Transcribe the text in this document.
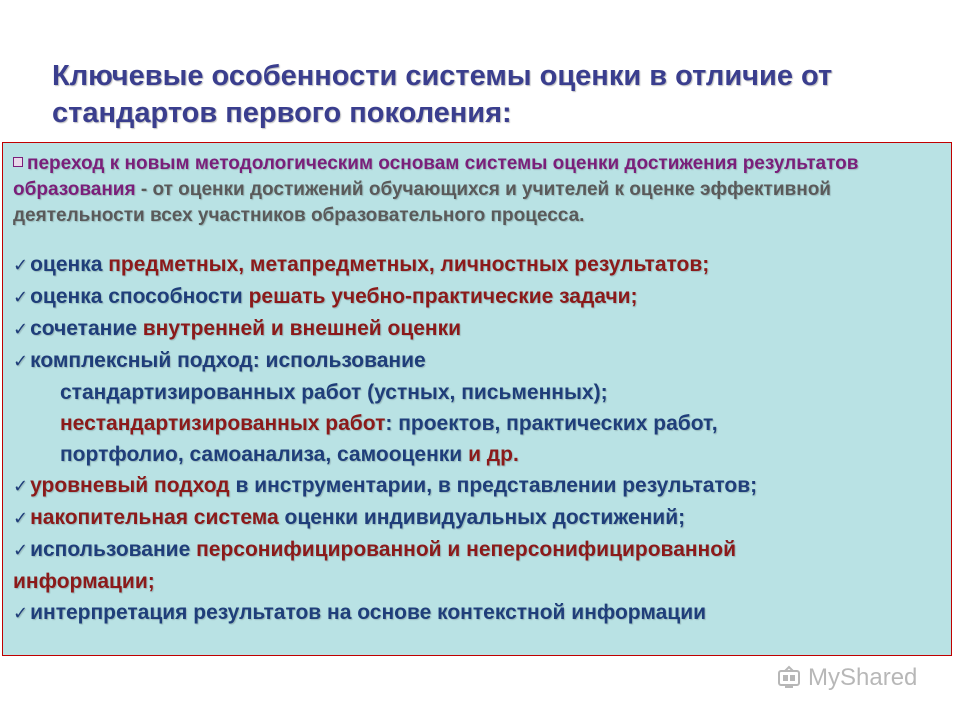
Ключевые особенности системы оценки в отличие от
стандартов первого поколения:

переход к новым методологическим основам системы оценки достижения результатов образования - от оценки достижений обучающихся и учителей к оценке эффективной деятельности всех участников образовательного процесса.

✓оценка предметных, метапредметных, личностных результатов;
✓оценка способности решать учебно-практические задачи;
✓сочетание внутренней и внешней оценки
✓комплексный подход: использование
стандартизированных работ (устных, письменных);
нестандартизированных работ: проектов, практических работ,
портфолио, самоанализа, самооценки и др.
✓уровневый подход в инструментарии, в представлении результатов;
✓накопительная система оценки индивидуальных достижений;
✓использование персонифицированной и неперсонифицированной
информации;
✓интерпретация результатов на основе контекстной информации
MyShared
